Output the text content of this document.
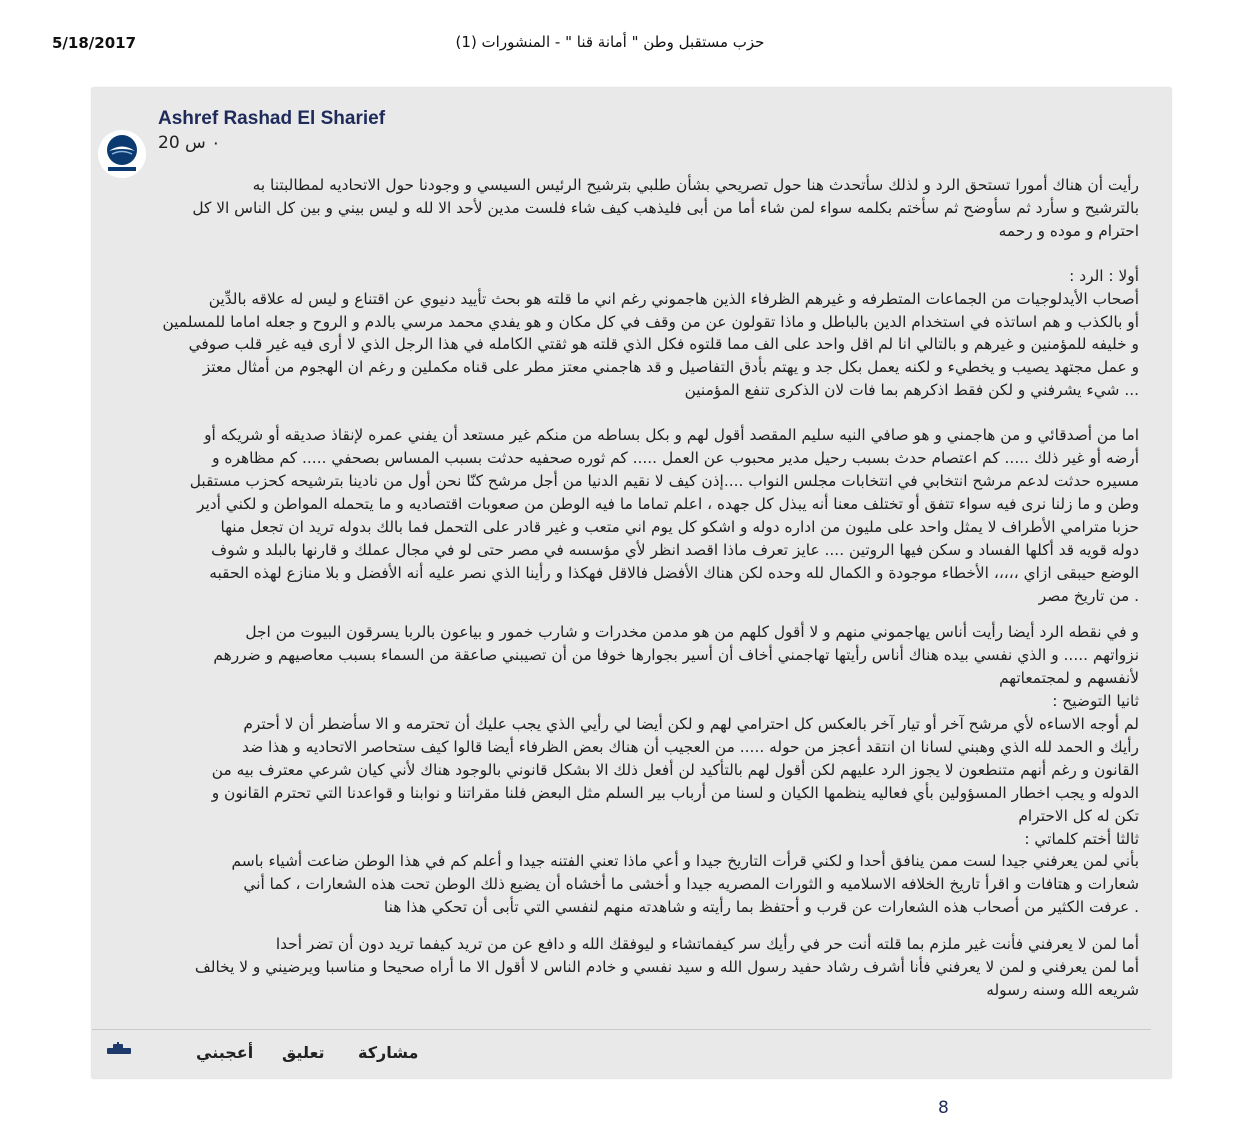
5/18/2017	حزب مستقبل وطن " أمانة قنا " - المنشورات (1)
Ashref Rashad El Sharief
٠ س 20

رأيت أن هناك أمورا تستحق الرد و لذلك سأتحدث هنا حول تصريحي بشأن طلبي بترشيح الرئيس السيسي و وجودنا حول الاتحاديه لمطالبتنا به
بالترشيح و سأرد ثم سأوضح ثم سأختم بكلمه سواء لمن شاء أما من أبى فليذهب كيف شاء فلست مدين لأحد الا لله و ليس بيني و بين كل الناس الا كل
احترام و موده و رحمه

أولا : الرد :
أصحاب الأيدلوجيات من الجماعات المتطرفه و غيرهم الظرفاء الذين هاجموني رغم اني ما قلته هو بحث تأييد دنيوي عن اقتناع و ليس له علاقه بالدِّين
أو بالكذب و هم اساتذه في استخدام الدين بالباطل و ماذا تقولون عن من وقف في كل مكان و هو يفدي محمد مرسي بالدم و الروح و جعله اماما للمسلمين
و خليفه للمؤمنين و غيرهم و بالتالي انا لم اقل واحد على الف مما قلتوه فكل الذي قلته هو ثقتي الكامله في هذا الرجل الذي لا أرى فيه غير قلب صوفي
و عمل مجتهد يصيب و يخطيء و لكنه يعمل بكل جد و يهتم بأدق التفاصيل و قد هاجمني معتز مطر على قناه مكملين و رغم ان الهجوم من أمثال معتز
... شيء يشرفني و لكن فقط اذكرهم بما فات لان الذكرى تنفع المؤمنين

اما من أصدقائي و من هاجمني و هو صافي النيه سليم المقصد أقول لهم و بكل بساطه من منكم غير مستعد أن يفني عمره لإنقاذ صديقه أو شريكه أو
أرضه أو غير ذلك ..... كم اعتصام حدث بسبب رحيل مدير محبوب عن العمل ..... كم ثوره صحفيه حدثت بسبب المساس بصحفي ..... كم مظاهره و
مسيره حدثت لدعم مرشح انتخابي في انتخابات مجلس النواب ....إذن كيف لا نقيم الدنيا من أجل مرشح كنّا نحن أول من نادينا بترشيحه كحزب مستقبل
وطن و ما زلنا نرى فيه سواء تتفق أو تختلف معنا أنه يبذل كل جهده ، اعلم تماما ما فيه الوطن من صعوبات اقتصاديه و ما يتحمله المواطن و لكني أدير
حزبا مترامي الأطراف لا يمثل واحد على مليون من اداره دوله و اشكو كل يوم اني متعب و غير قادر على التحمل فما بالك بدوله تريد ان تجعل منها
دوله قويه قد أكلها الفساد و سكن فيها الروتين .... عايز تعرف ماذا اقصد انظر لأي مؤسسه في مصر حتى لو في مجال عملك و قارنها بالبلد و شوف
الوضع حيبقى ازاي ،،،،، الأخطاء موجودة و الكمال لله وحده لكن هناك الأفضل فالاقل فهكذا و رأينا الذي نصر عليه أنه الأفضل و بلا منازع لهذه الحقبه
. من تاريخ مصر

و في نقطه الرد أيضا رأيت أناس يهاجموني منهم و لا أقول كلهم من هو مدمن مخدرات و شارب خمور و بياعون بالربا يسرقون البيوت من اجل
نزواتهم ..... و الذي نفسي بيده هناك أناس رأيتها تهاجمني أخاف أن أسير بجوارها خوفا من أن تصيبني صاعقة من السماء بسبب معاصيهم و ضررهم
لأنفسهم و لمجتمعاتهم

ثانيا التوضيح :
لم أوجه الاساءه لأي مرشح آخر أو تيار آخر بالعكس كل احترامي لهم و لكن أيضا لي رأيي الذي يجب عليك أن تحترمه و الا سأضطر أن لا أحترم
رأيك و الحمد لله الذي وهبني لسانا ان انتقد أعجز من حوله ..... من العجيب أن هناك بعض الظرفاء أيضا قالوا كيف ستحاصر الاتحاديه و هذا ضد
القانون و رغم أنهم متنطعون لا يجوز الرد عليهم لكن أقول لهم بالتأكيد لن أفعل ذلك الا بشكل قانوني بالوجود هناك لأني كيان شرعي معترف بيه من
الدوله و يجب اخطار المسؤولين بأي فعاليه ينظمها الكيان و لسنا من أرباب بير السلم مثل البعض فلنا مقراتنا و نوابنا و قواعدنا التي تحترم القانون و
تكن له كل الاحترام

ثالثا أختم كلماتي :
بأني لمن يعرفني جيدا لست ممن ينافق أحدا و لكني قرأت التاريخ جيدا و أعي ماذا تعني الفتنه جيدا و أعلم كم في هذا الوطن ضاعت أشياء باسم
شعارات و هتافات و اقرأ تاريخ الخلافه الاسلاميه و الثورات المصريه جيدا و أخشى ما أخشاه أن يضيع ذلك الوطن تحت هذه الشعارات ، كما أني
. عرفت الكثير من أصحاب هذه الشعارات عن قرب و أحتفظ بما رأيته و شاهدته منهم لنفسي التي تأبى أن تحكي هذا هنا

أما لمن لا يعرفني فأنت غير ملزم بما قلته أنت حر في رأيك سر كيفماتشاء و ليوفقك الله و دافع عن من تريد كيفما تريد دون أن تضر أحدا
أما لمن يعرفني و لمن لا يعرفني فأنا أشرف رشاد حفيد رسول الله و سيد نفسي و خادم الناس لا أقول الا ما أراه صحيحا و مناسبا ويرضيني و لا يخالف
شريعه الله وسنه رسوله

أعجبني تعليق مشاركة
8
